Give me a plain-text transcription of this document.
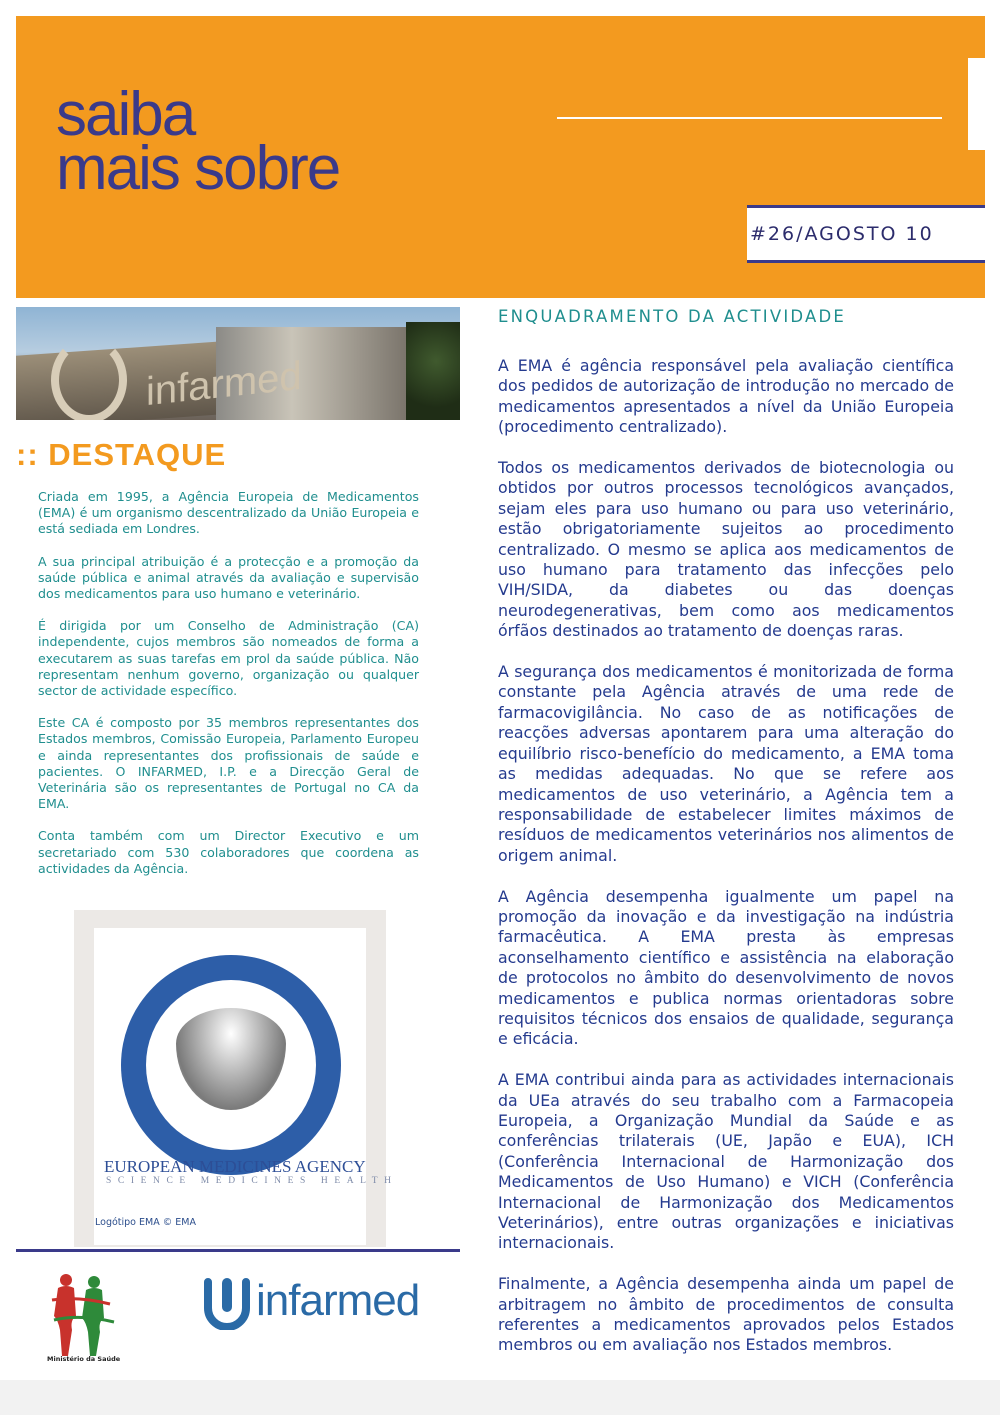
saiba
mais sobre
#26/AGOSTO 10
infarmed
:: DESTAQUE

Criada em 1995, a Agência Europeia de Medicamentos (EMA) é um organismo descentralizado da União Europeia e está sediada em Londres.

A sua principal atribuição é a protecção e a promoção da saúde pública e animal através da avaliação e supervisão dos medicamentos para uso humano e veterinário.

É dirigida por um Conselho de Administração (CA) independente, cujos membros são nomeados de forma a executarem as suas tarefas em prol da saúde pública. Não representam nenhum governo, organização ou qualquer sector de actividade específico.

Este CA é composto por 35 membros representantes dos Estados membros, Comissão Europeia, Parlamento Europeu e ainda representantes dos profissionais de saúde e pacientes. O INFARMED, I.P. e a Direcção Geral de Veterinária são os representantes de Portugal no CA da EMA.

Conta também com um Director Executivo e um secretariado com 530 colaboradores que coordena as actividades da Agência.

EUROPEAN MEDICINES AGENCY
SCIENCE MEDICINES HEALTH
Logótipo EMA © EMA
Ministério da Saúde
infarmed
ENQUADRAMENTO DA ACTIVIDADE

A EMA é agência responsável pela avaliação científica dos pedidos de autorização de introdução no mercado de medicamentos apresentados a nível da União Europeia (procedimento centralizado).

Todos os medicamentos derivados de biotecnologia ou obtidos por outros processos tecnológicos avançados, sejam eles para uso humano ou para uso veterinário, estão obrigatoriamente sujeitos ao procedimento centralizado. O mesmo se aplica aos medicamentos de uso humano para tratamento das infecções pelo VIH/SIDA, da diabetes ou das doenças neurodegenerativas, bem como aos medicamentos órfãos destinados ao tratamento de doenças raras.

A segurança dos medicamentos é monitorizada de forma constante pela Agência através de uma rede de farmacovigilância. No caso de as notificações de reacções adversas apontarem para uma alteração do equilíbrio risco-benefício do medicamento, a EMA toma as medidas adequadas. No que se refere aos medicamentos de uso veterinário, a Agência tem a responsabilidade de estabelecer limites máximos de resíduos de medicamentos veterinários nos alimentos de origem animal.

A Agência desempenha igualmente um papel na promoção da inovação e da investigação na indústria farmacêutica. A EMA presta às empresas aconselhamento científico e assistência na elaboração de protocolos no âmbito do desenvolvimento de novos medicamentos e publica normas orientadoras sobre requisitos técnicos dos ensaios de qualidade, segurança e eficácia.

A EMA contribui ainda para as actividades internacionais da UEa através do seu trabalho com a Farmacopeia Europeia, a Organização Mundial da Saúde e as conferências trilaterais (UE, Japão e EUA), ICH (Conferência Internacional de Harmonização dos Medicamentos de Uso Humano) e VICH (Conferência Internacional de Harmonização dos Medicamentos Veterinários), entre outras organizações e iniciativas internacionais.

Finalmente, a Agência desempenha ainda um papel de arbitragem no âmbito de procedimentos de consulta referentes a medicamentos aprovados pelos Estados membros ou em avaliação nos Estados membros.
